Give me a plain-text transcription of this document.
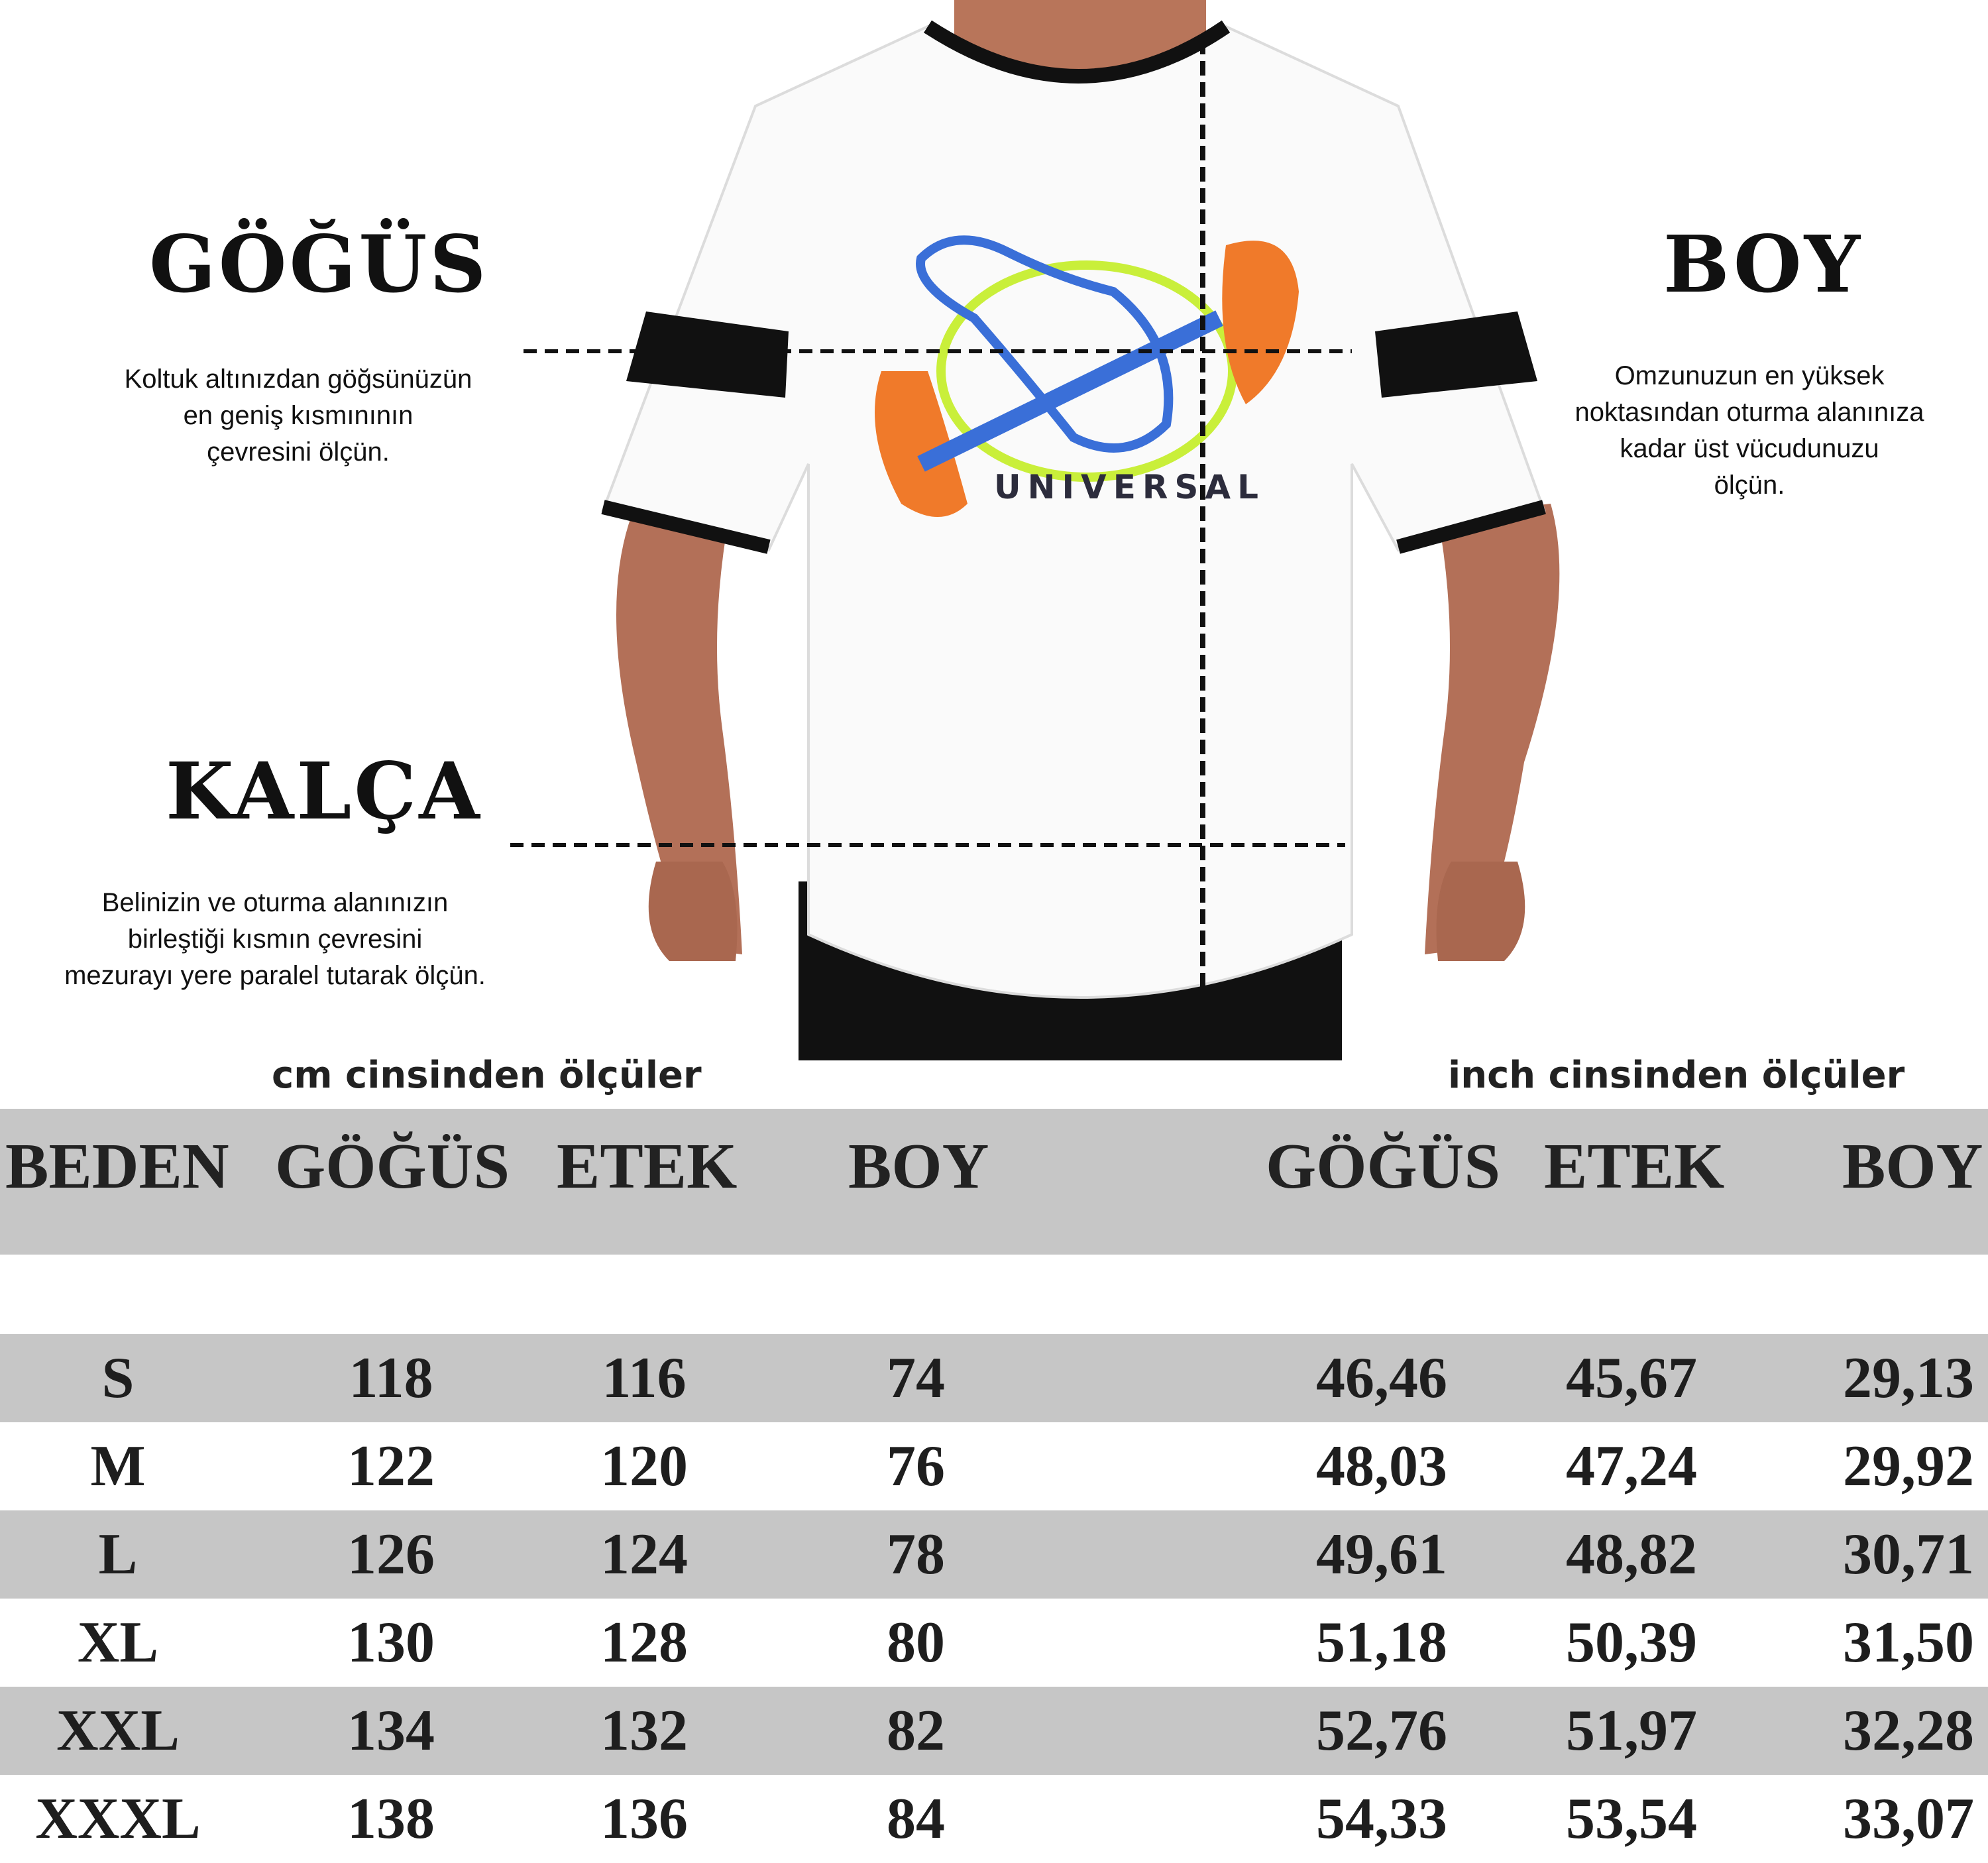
UNIVERSAL
GÖĞÜS
Koltuk altınızdan göğsünüzün
en geniş kısmınının
çevresini ölçün.
BOY
Omzunuzun en yüksek
noktasından oturma alanınıza
kadar üst vücudunuzu
ölçün.
KALÇA
Belinizin ve oturma alanınızın
birleştiği kısmın çevresini
mezurayı yere paralel tutarak ölçün.
cm cinsinden ölçüler	inch cinsinden ölçüler
BEDEN GÖĞÜS ETEK BOY	GÖĞÜS ETEK BOY
S	118	116	74	46,46	45,67	29,13
M	122	120	76	48,03	47,24	29,92
L	126	124	78	49,61	48,82	30,71
XL	130	128	80	51,18	50,39	31,50
XXL	134	132	82	52,76	51,97	32,28
XXXL	138	136	84	54,33	53,54	33,07
